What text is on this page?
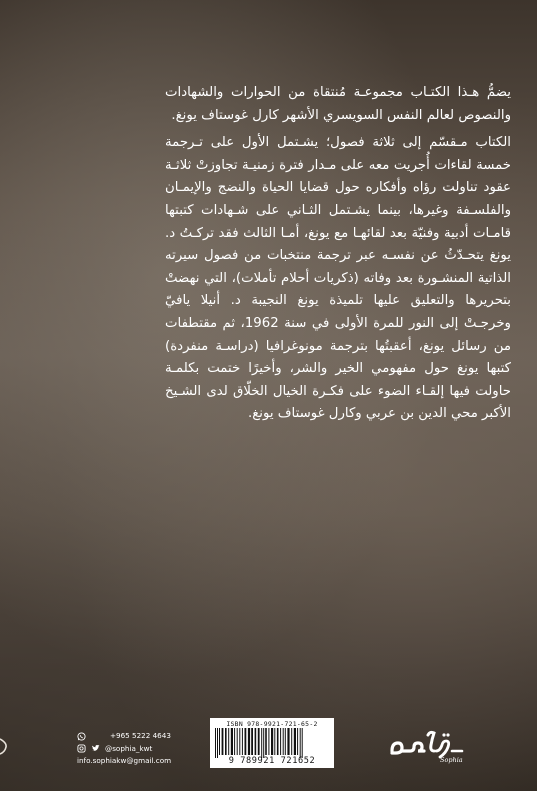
يضمُّ هـذا الكتـاب مجموعـة مُنتقاة من الحوارات والشهادات والنصوص لعالم النفس السويسري الأشهر كارل غوستاف يونغ.

الكتاب مـقسّم إلى ثلاثة فصول؛ يشـتمل الأول على تـرجمة خمسة لقاءات أُجريت معه على مـدار فترة زمنيـة تجاوزتْ ثلاثـة عقود تناولت رؤاه وأفكاره حول قضايا الحياة والنضج والإيمـان والفلسـفة وغيرها، بينما يشـتمل الثـاني على شـهادات كتبتها قامـات أدبية وفنيّة بعد لقائهـا مع يونغ، أمـا الثالث فقد تركـتُ د. يونغ يتحـدّثُ عن نفسـه عبر ترجمة منتخبات من فصول سيرته الذاتية المنشـورة بعد وفاته (ذكريات أحلام تأملات)، التي نهضتْ بتحريرها والتعليق عليها تلميذة يونغ النجيبة د. أنيلا يافيّ وخرجـتْ إلى النور للمرة الأولى في سنة 1962، ثم مقتطفات من رسائل يونغ، أعقبتُها بترجمة مونوغرافيا (دراسـة منفردة) كتبها يونغ حول مفهومي الخير والشر، وأخيرًا ختمت بكلمـة حاولت فيها إلقـاء الضوء على فكـرة الخيال الخلّاق لدى الشـيخ الأكبر محي الدين بن عربي وكارل غوستاف يونغ.

+965 5222 4643
@sophia_kwt
info.sophiakw@gmail.com
ISBN 978-9921-721-65-2
9 789921 721652	Sophia
